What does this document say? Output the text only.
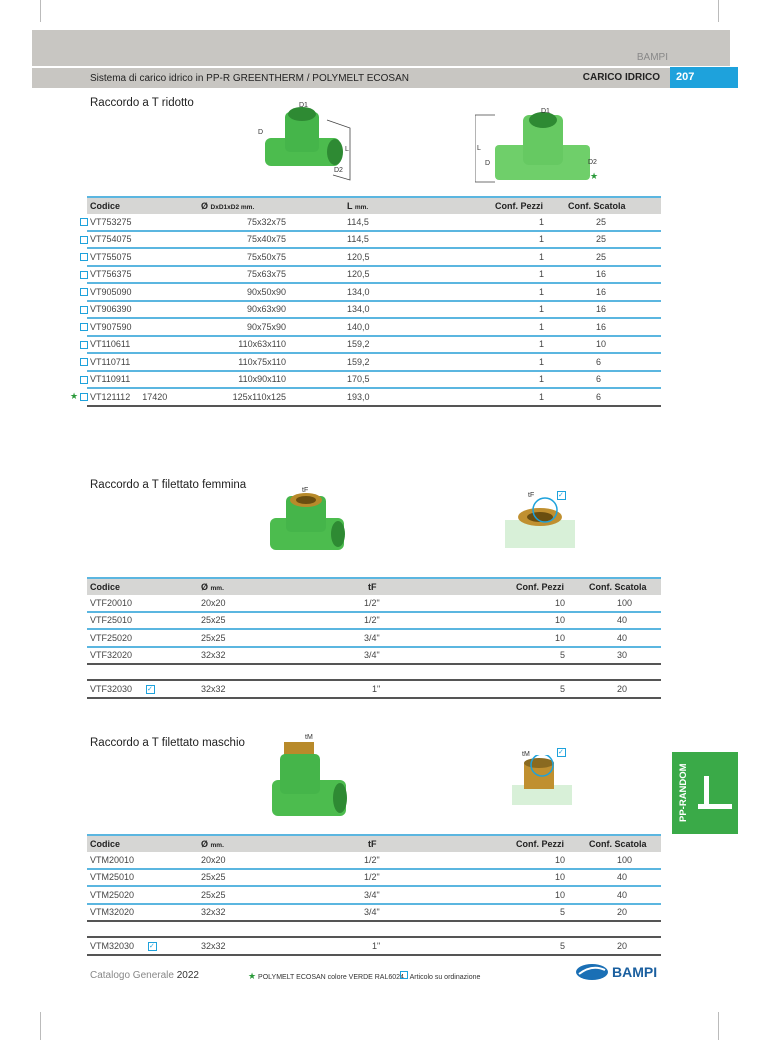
BAMPI
Sistema di carico idrico in PP-R GREENTHERM / POLYMELT ECOSAN	CARICO IDRICO	207
Raccordo a T ridotto	D1
D
L
D2
D1
L
D	D2
★
Codice	Ø DxD1xD2 mm.	L mm.	Conf. Pezzi	Conf. Scatola

VT753275	75x32x75	114,5	1	25

VT754075	75x40x75	114,5	1	25

VT755075	75x50x75	120,5	1	25

VT756375	75x63x75	120,5	1	16

VT905090	90x50x90	134,0	1	16

VT906390	90x63x90	134,0	1	16

VT907590	90x75x90	140,0	1	16

VT110611	110x63x110	159,2	1	10

VT110711	110x75x110	159,2	1	6

VT110911	110x90x110	170,5	1	6

★ VT121112 17420	125x110x125	193,0	1	6
Raccordo a T filettato femmina	tF
tF	✓
Codice	Ø mm.	tF	Conf. Pezzi	Conf. Scatola
VTF20010	20x20	1/2"	10	100
VTF25010	25x25	1/2"	10	40
VTF25020	25x25	3/4"	10	40
VTF32020	32x32	3/4"	5	30

VTF32030 ✓	32x32	1"	5	20
Raccordo a T filettato maschio	tM
tM	✓
Codice	Ø mm.	tF	Conf. Pezzi	Conf. Scatola
VTM20010	20x20	1/2"	10	100
VTM25010	25x25	1/2"	10	40
VTM25020	25x25	3/4"	10	40
VTM32020	32x32	3/4"	5	20

VTM32030 ✓	32x32	1"	5	20
PP-RANDOM
Catalogo Generale 2022	★ POLYMELT ECOSAN colore VERDE RAL6024 Articolo su ordinazione	BAMPI
